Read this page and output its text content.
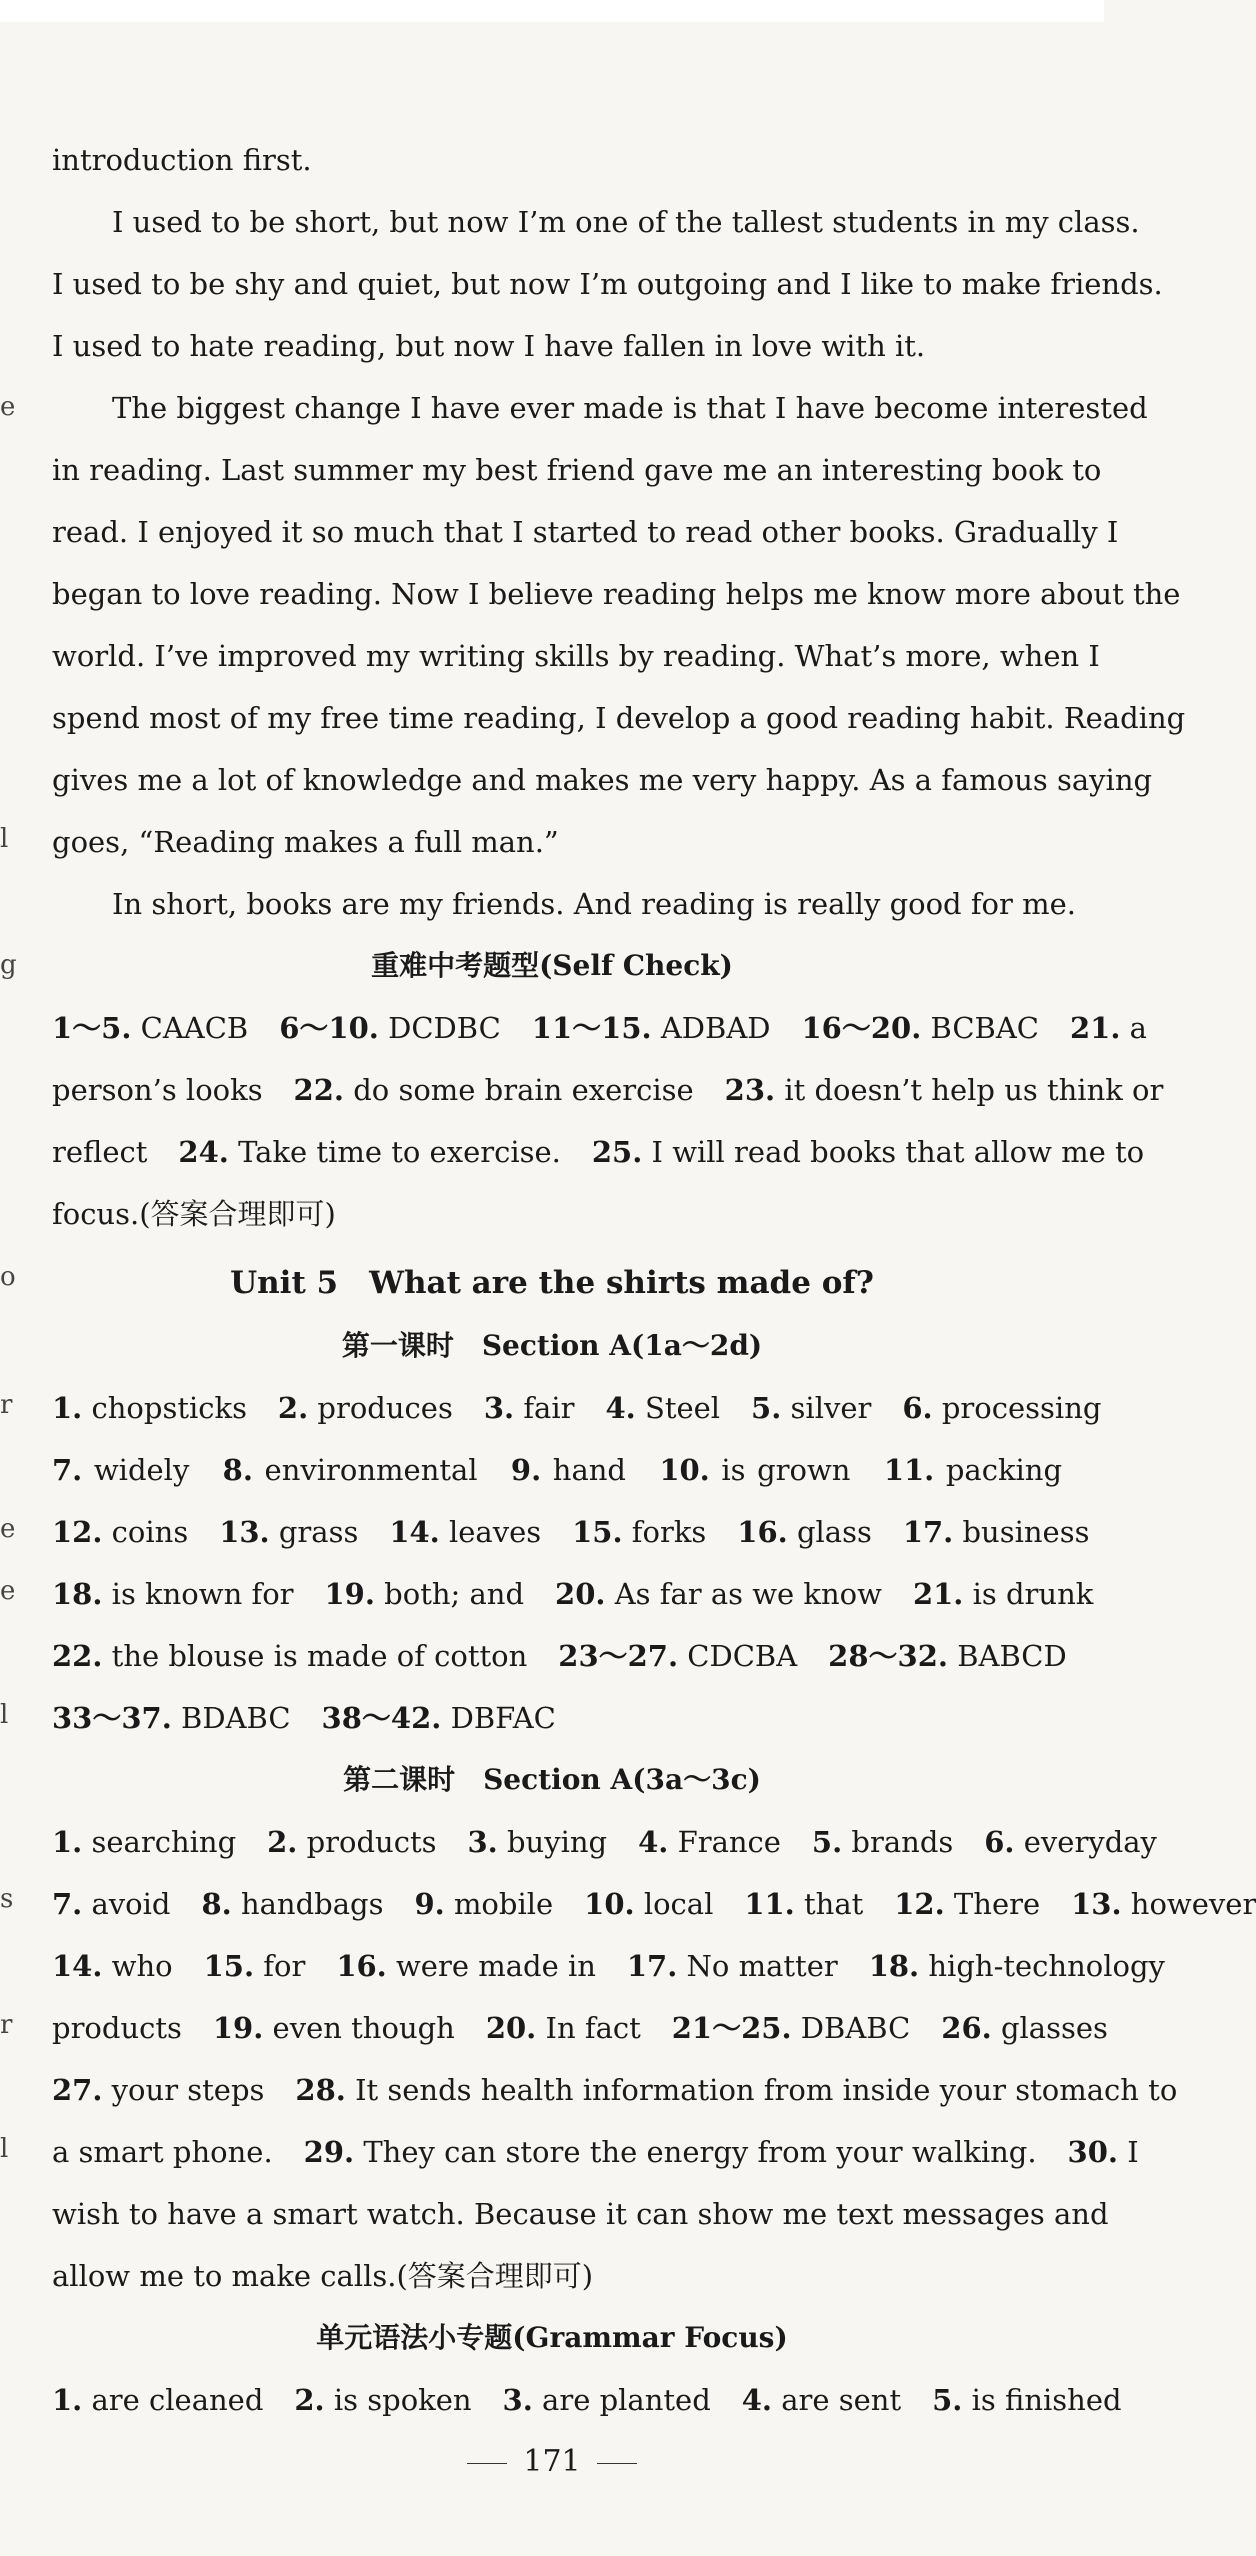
introduction first.
I used to be short, but now I’m one of the tallest students in my class.
I used to be shy and quiet, but now I’m outgoing and I like to make friends.
I used to hate reading, but now I have fallen in love with it.
The biggest change I have ever made is that I have become interested
in reading. Last summer my best friend gave me an interesting book to
read. I enjoyed it so much that I started to read other books. Gradually I
began to love reading. Now I believe reading helps me know more about the
world. I’ve improved my writing skills by reading. What’s more, when I
spend most of my free time reading, I develop a good reading habit. Reading
gives me a lot of knowledge and makes me very happy. As a famous saying
goes, “Reading makes a full man.”
In short, books are my friends. And reading is really good for me.
重难中考题型(Self Check)
1～5. CAACB 6～10. DCDBC 11～15. ADBAD 16～20. BCBAC 21. a
person’s looks 22. do some brain exercise 23. it doesn’t help us think or
reflect 24. Take time to exercise. 25. I will read books that allow me to
focus.(答案合理即可)
Unit 5　What are the shirts made of?
第一课时　Section A(1a～2d)
1. chopsticks 2. produces 3. fair 4. Steel 5. silver 6. processing
7. widely 8. environmental 9. hand 10. is grown 11. packing
12. coins 13. grass 14. leaves 15. forks 16. glass 17. business
18. is known for 19. both; and 20. As far as we know 21. is drunk
22. the blouse is made of cotton 23～27. CDCBA 28～32. BABCD
33～37. BDABC 38～42. DBFAC
第二课时　Section A(3a～3c)
1. searching 2. products 3. buying 4. France 5. brands 6. everyday
7. avoid 8. handbags 9. mobile 10. local 11. that 12. There 13. however
14. who 15. for 16. were made in 17. No matter 18. high-technology
products 19. even though 20. In fact 21～25. DBABC 26. glasses
27. your steps 28. It sends health information from inside your stomach to
a smart phone. 29. They can store the energy from your walking. 30. I
wish to have a smart watch. Because it can show me text messages and
allow me to make calls.(答案合理即可)
单元语法小专题(Grammar Focus)
1. are cleaned 2. is spoken 3. are planted 4. are sent 5. is finished
171
e
l
g
o
r
e
e
l
s
r
l
